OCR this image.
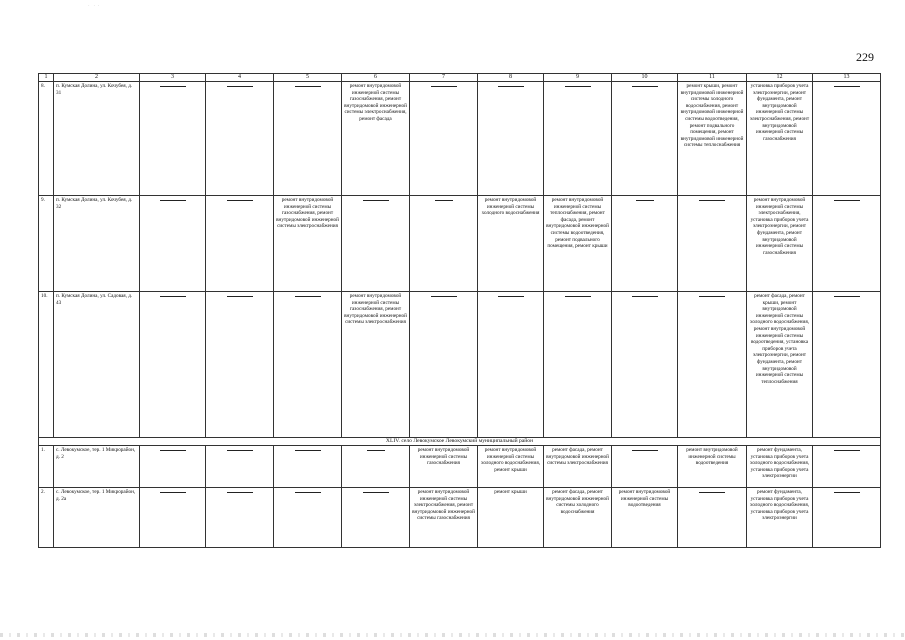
·   ·  ·
229
1	2	3	4	5	6	7	8	9	10	11	12	13
8.	п. Кумская Долина, ул. Кочубея, д. 31				ремонт внутридомовой инженерной системы газоснабжения, ремонт внутридомовой инженерной системы электроснабжения, ремонт фасада					ремонт крыши, ремонт внутридомовой инженерной системы холодного водоснабжения, ремонт внутридомовой инженерной системы водоотведения, ремонт подвального помещения, ремонт внутридомовой инженерной системы теплоснабжения	установка приборов учета электроэнергии, ремонт фундамента, ремонт внутридомовой инженерной системы электроснабжения, ремонт внутридомовой инженерной системы газоснабжения	

9.	п. Кумская Долина, ул. Кочубея, д. 32			ремонт внутридомовой инженерной системы газоснабжения, ремонт внутридомовой инженерной системы электроснабжения			ремонт внутридомовой инженерной системы холодного водоснабжения	ремонт внутридомовой инженерной системы теплоснабжения, ремонт фасада, ремонт внутридомовой инженерной системы водоотведения, ремонт подвального помещения, ремонт крыши			ремонт внутридомовой инженерной системы электроснабжения, установка приборов учета электроэнергии, ремонт фундамента, ремонт внутридомовой инженерной системы газоснабжения	

10.	п. Кумская Долина, ул. Садовая, д. 43				ремонт внутридомовой инженерной системы газоснабжения, ремонт внутридомовой инженерной системы электроснабжения						ремонт фасада, ремонт крыши, ремонт внутридомовой инженерной системы холодного водоснабжения, ремонт внутридомовой инженерной системы водоотведения, установка приборов учета электроэнергии, ремонт фундамента, ремонт внутридомовой инженерной системы теплоснабжения	

XLIV. село Левокумское Левокумский муниципальный район												
1.	с. Левокумское, тер. 1 Микрорайон, д. 2					ремонт внутридомовой инженерной системы газоснабжения	ремонт внутридомовой инженерной системы холодного водоснабжения, ремонт крыши	ремонт фасада, ремонт внутридомовой инженерной системы электроснабжения		ремонт внутридомовой инженерной системы водоотведения	ремонт фундамента, установка приборов учета холодного водоснабжения, установка приборов учета электроэнергии	

2.	с. Левокумское, тер. 1 Микрорайон, д. 2а					ремонт внутридомовой инженерной системы электроснабжения, ремонт внутридомовой инженерной системы газоснабжения	ремонт крыши	ремонт фасада, ремонт внутридомовой инженерной системы холодного водоснабжения	ремонт внутридомовой инженерной системы водоотведения		ремонт фундамента, установка приборов учета холодного водоснабжения, установка приборов учета электроэнергии	
